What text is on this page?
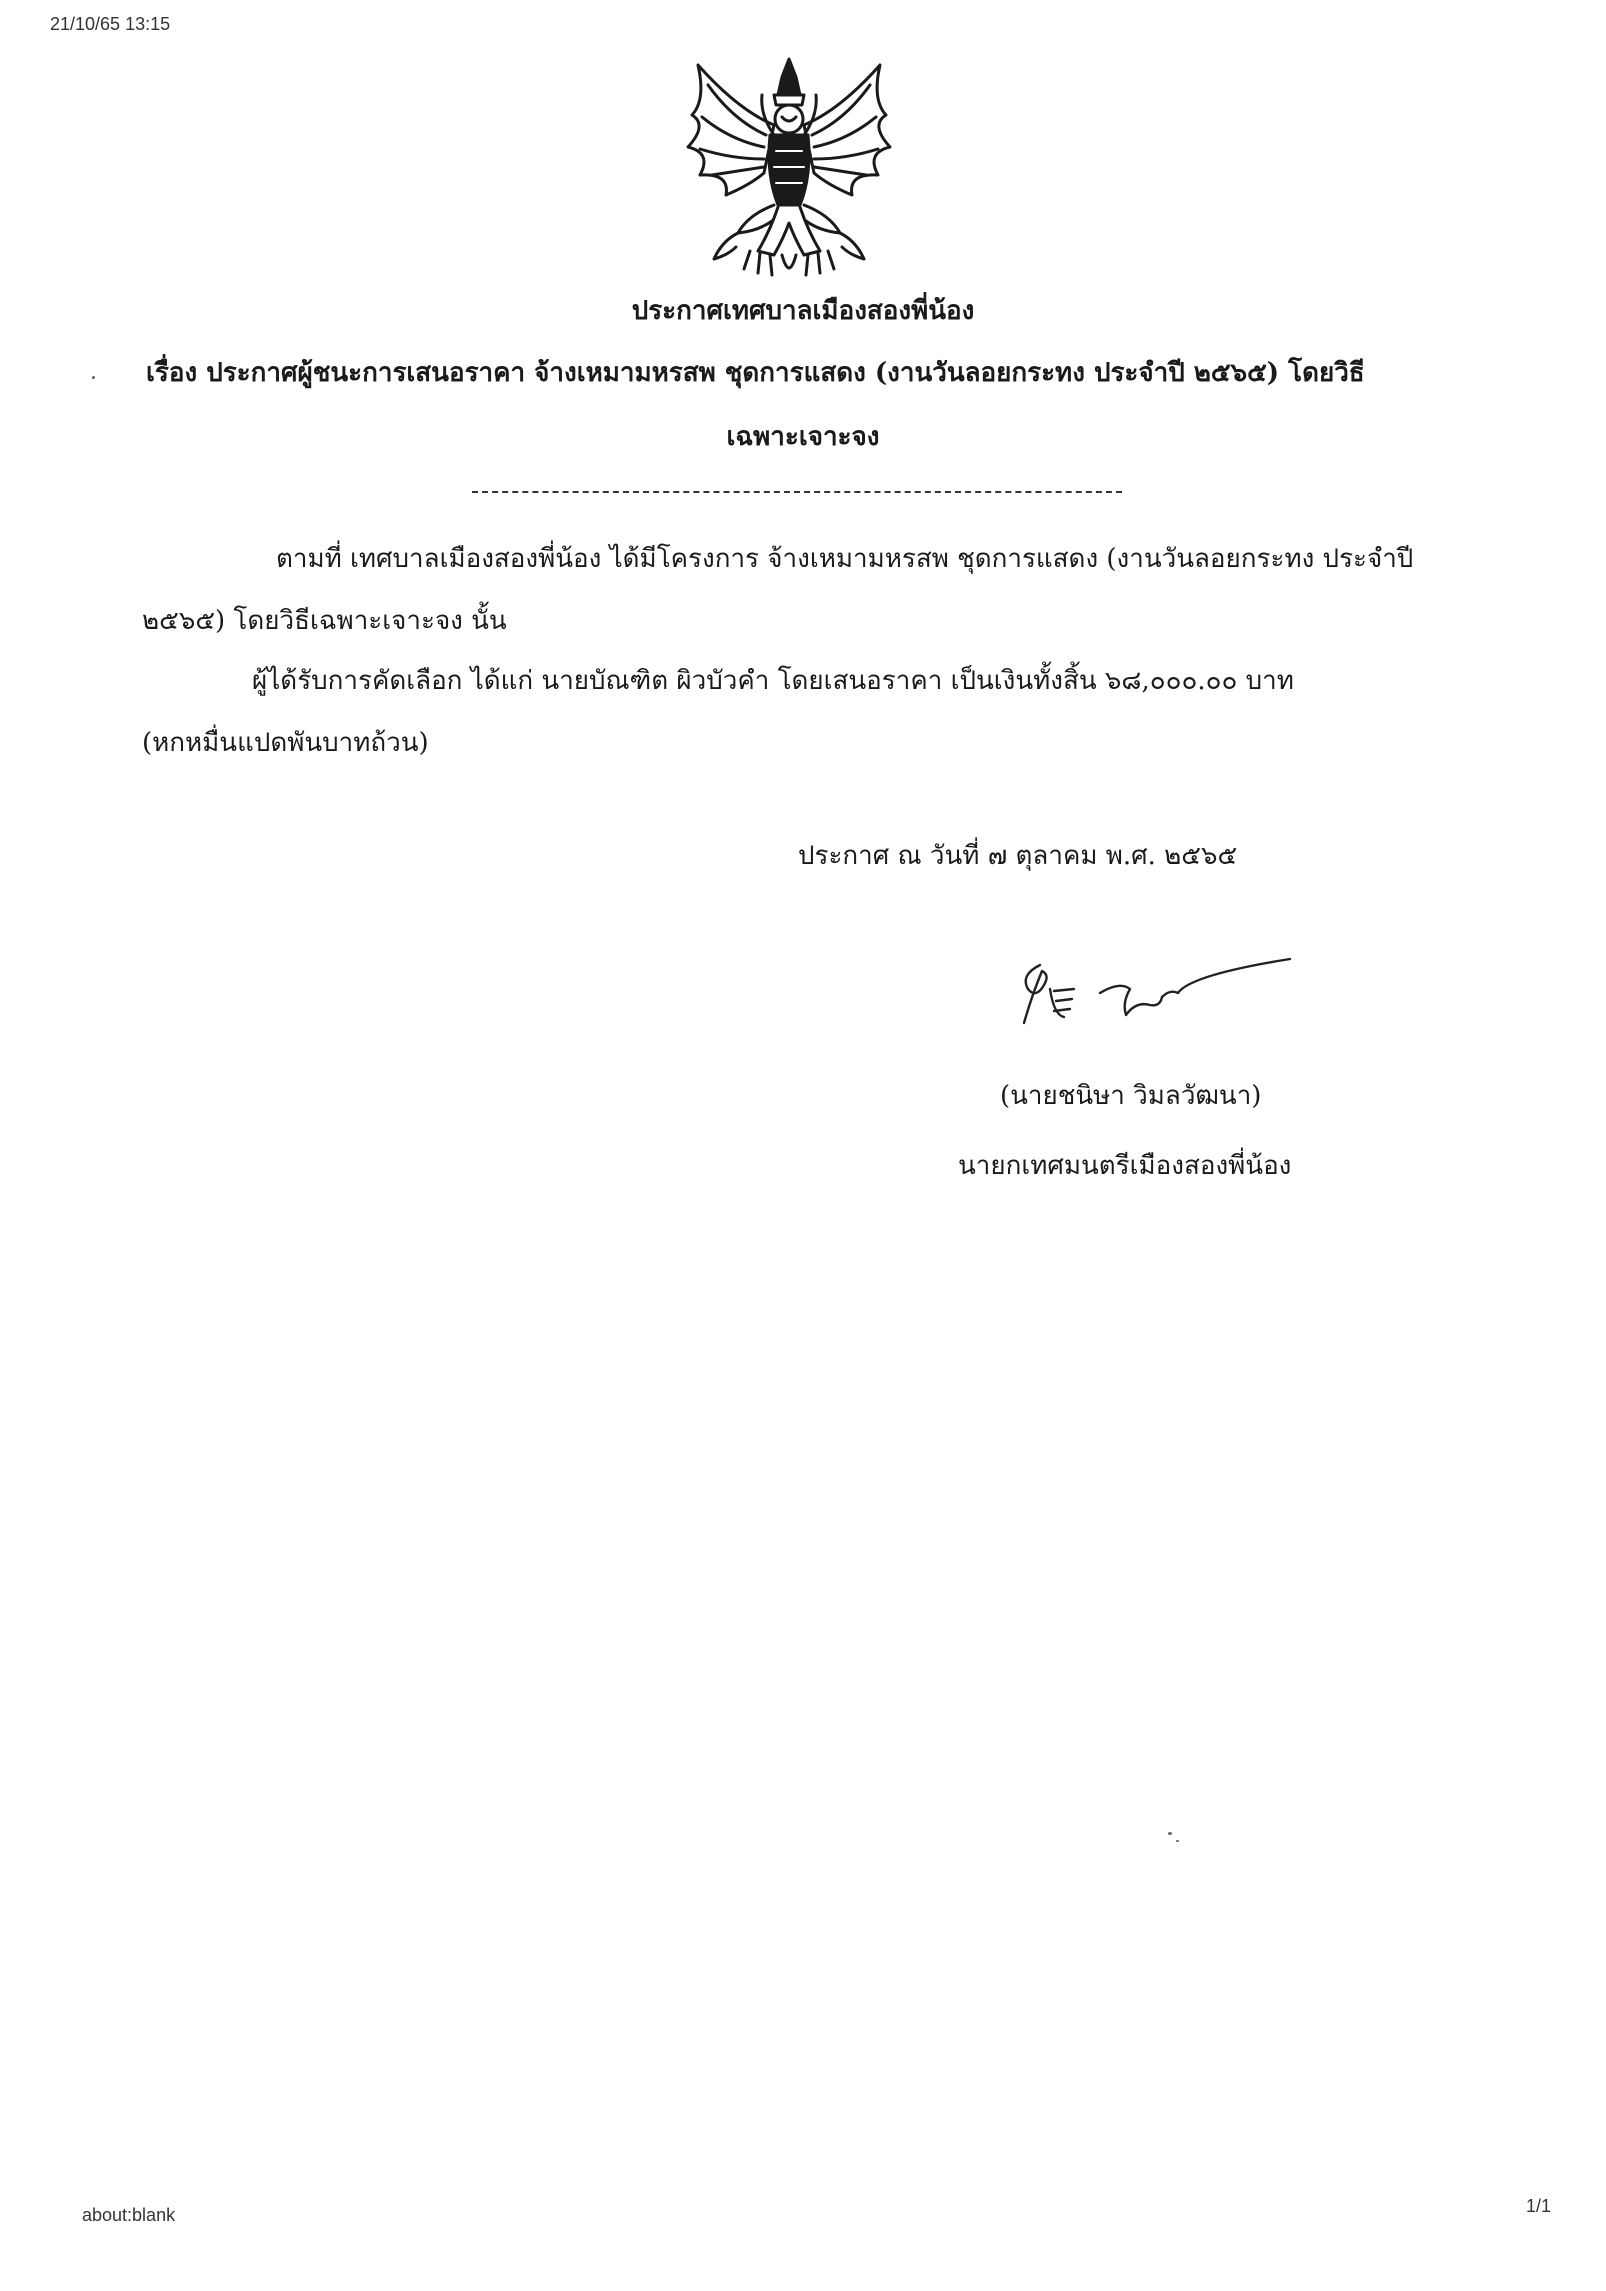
21/10/65 13:15
ประกาศเทศบาลเมืองสองพี่น้อง
เรื่อง ประกาศผู้ชนะการเสนอราคา จ้างเหมามหรสพ ชุดการแสดง (งานวันลอยกระทง ประจำปี ๒๕๖๕) โดยวิธี
เฉพาะเจาะจง
ตามที่ เทศบาลเมืองสองพี่น้อง ได้มีโครงการ จ้างเหมามหรสพ ชุดการแสดง (งานวันลอยกระทง ประจำปี
๒๕๖๕) โดยวิธีเฉพาะเจาะจง นั้น
ผู้ได้รับการคัดเลือก ได้แก่ นายบัณฑิต ผิวบัวคำ โดยเสนอราคา เป็นเงินทั้งสิ้น ๖๘,๐๐๐.๐๐ บาท
(หกหมื่นแปดพันบาทถ้วน)
ประกาศ ณ วันที่ ๗ ตุลาคม พ.ศ. ๒๕๖๕
(นายชนิษา วิมลวัฒนา)
นายกเทศมนตรีเมืองสองพี่น้อง
about:blank	1/1
